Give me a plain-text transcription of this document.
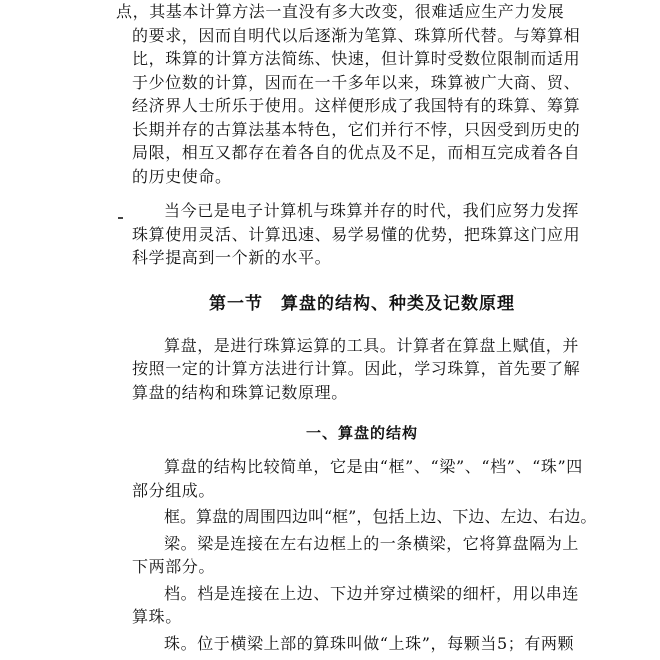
点，其基本计算方法一直没有多大改变，很难适应生产力发展
的要求，因而自明代以后逐渐为笔算、珠算所代替。与筹算相
比，珠算的计算方法简练、快速，但计算时受数位限制而适用
于少位数的计算，因而在一千多年以来，珠算被广大商、贸、
经济界人士所乐于使用。这样便形成了我国特有的珠算、筹算
长期并存的古算法基本特色，它们并行不悖，只因受到历史的
局限，相互又都存在着各自的优点及不足，而相互完成着各自
的历史使命。
当今已是电子计算机与珠算并存的时代，我们应努力发挥
珠算使用灵活、计算迅速、易学易懂的优势，把珠算这门应用
科学提高到一个新的水平。
第一节　算盘的结构、种类及记数原理
算盘，是进行珠算运算的工具。计算者在算盘上赋值，并
按照一定的计算方法进行计算。因此，学习珠算，首先要了解
算盘的结构和珠算记数原理。
一、算盘的结构
算盘的结构比较简单，它是由“框”、“梁”、“档”、“珠”四
部分组成。
框。算盘的周围四边叫“框”，包括上边、下边、左边、右边。
梁。梁是连接在左右边框上的一条横梁，它将算盘隔为上
下两部分。
档。档是连接在上边、下边并穿过横梁的细杆，用以串连
算珠。
珠。位于横梁上部的算珠叫做“上珠”，每颗当5；有两颗
